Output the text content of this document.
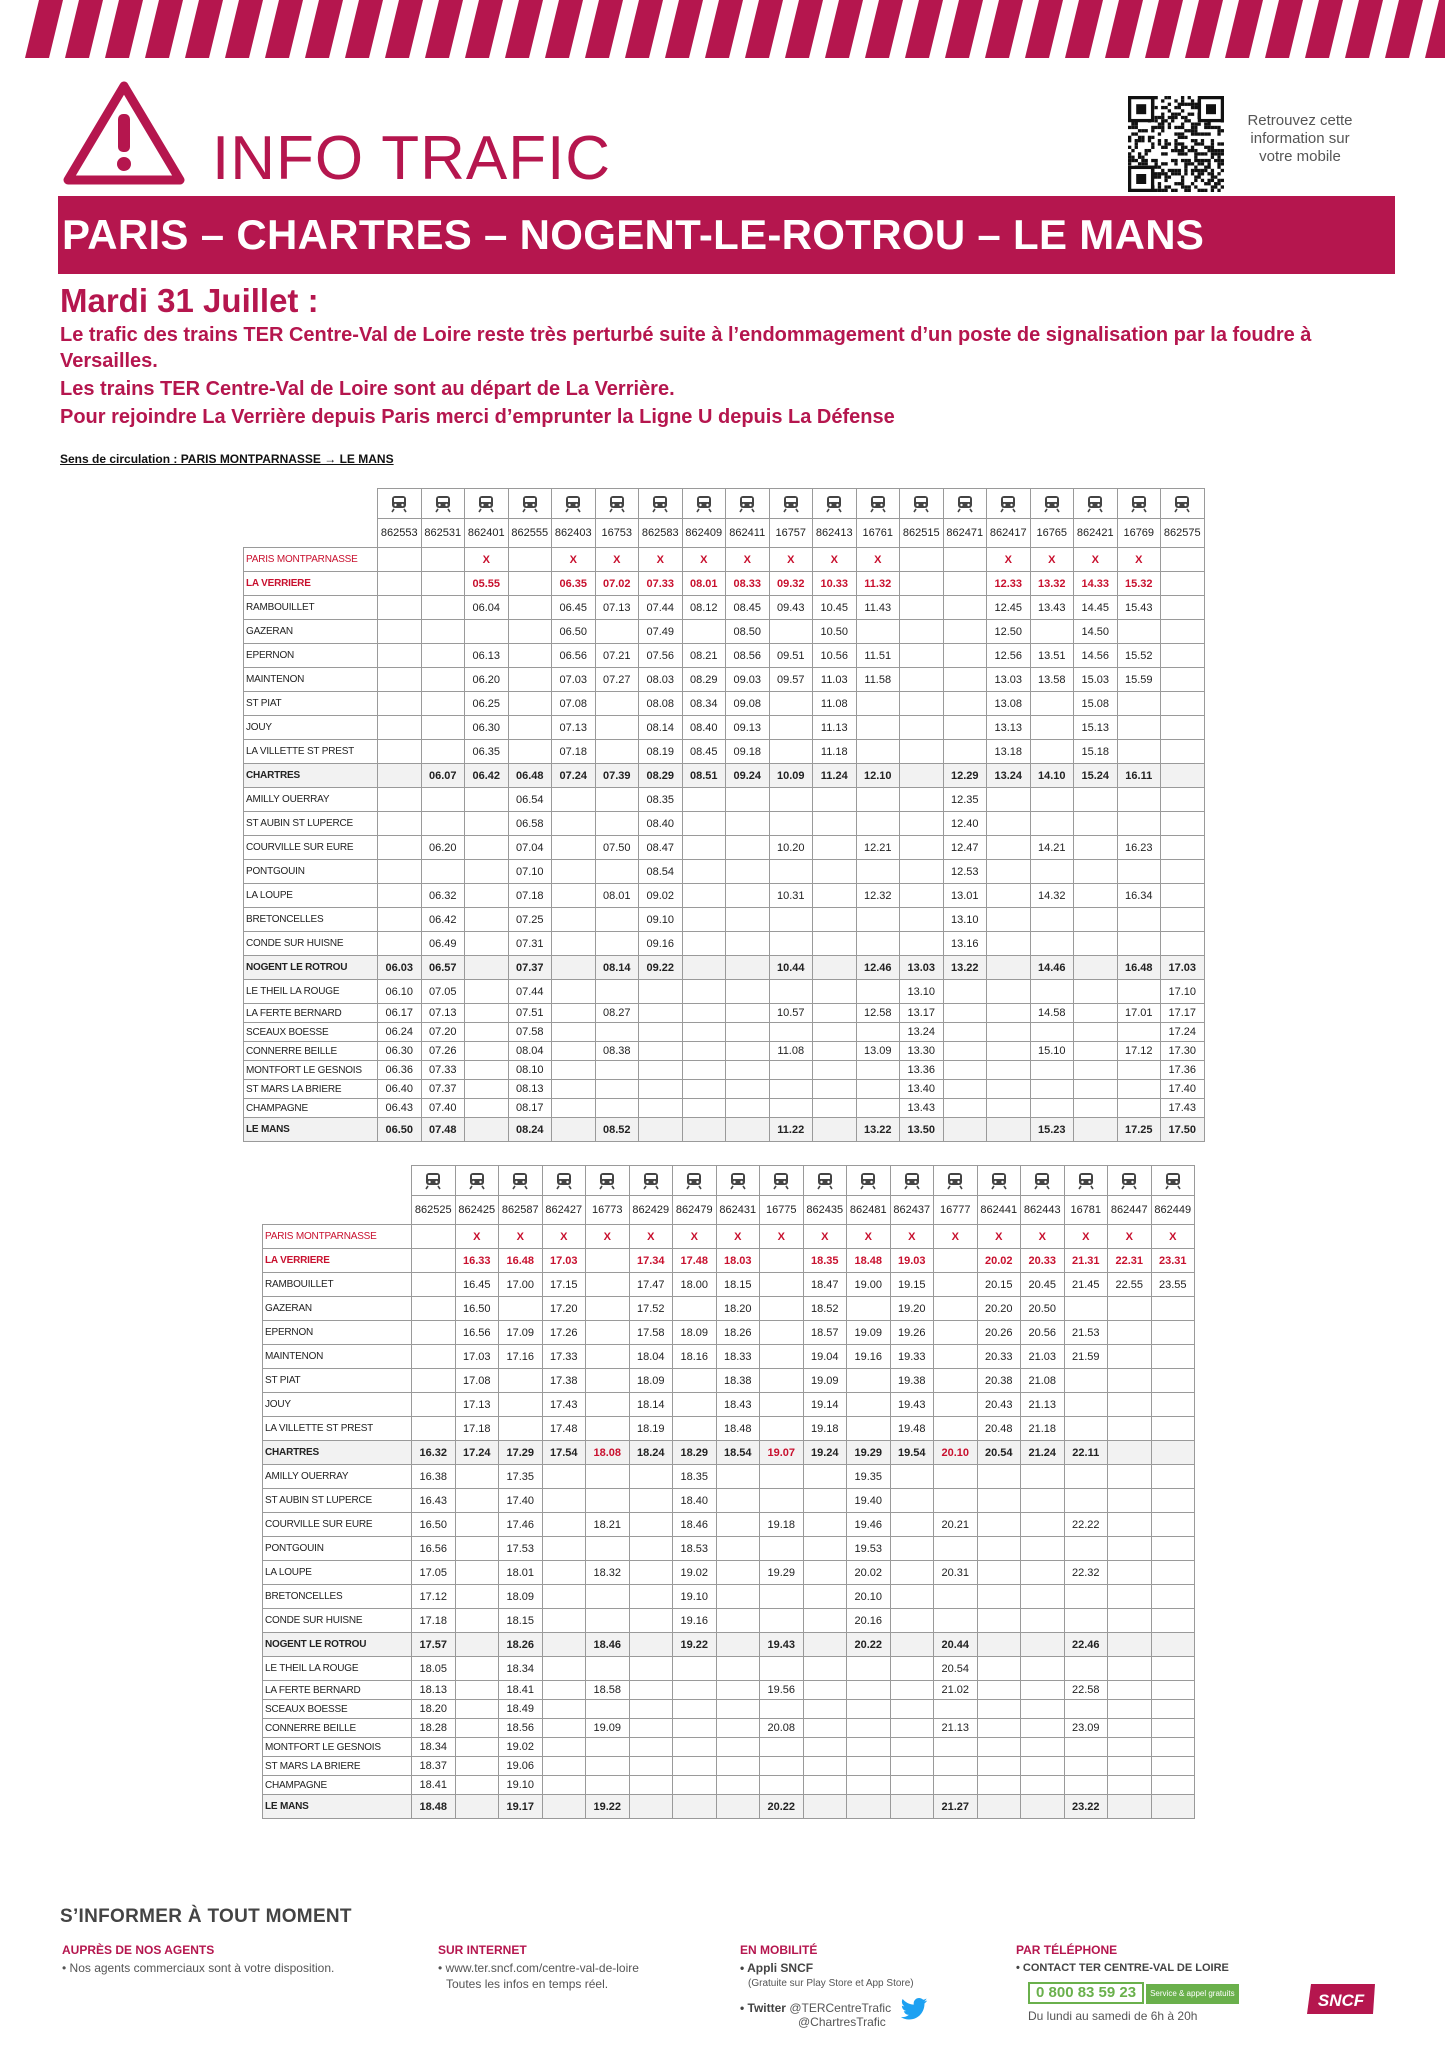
INFO TRAFIC
Retrouvez cette information sur votre mobile
PARIS – CHARTRES – NOGENT-LE-ROTROU – LE MANS
Mardi 31 Juillet :
Le trafic des trains TER Centre-Val de Loire reste très perturbé suite à l’endommagement d’un poste de signalisation par la foudre à Versailles.
Les trains TER Centre-Val de Loire sont au départ de La Verrière.
Pour rejoindre La Verrière depuis Paris merci d’emprunter la Ligne U depuis La Défense
Sens de circulation : PARIS MONTPARNASSE → LE MANS

	862553	862531	862401	862555	862403	16753	862583	862409	862411	16757	862413	16761	862515	862471	862417	16765	862421	16769	862575
PARIS MONTPARNASSE			X		X	X	X	X	X	X	X	X			X	X	X	X	
LA VERRIERE			05.55		06.35	07.02	07.33	08.01	08.33	09.32	10.33	11.32			12.33	13.32	14.33	15.32	
RAMBOUILLET			06.04		06.45	07.13	07.44	08.12	08.45	09.43	10.45	11.43			12.45	13.43	14.45	15.43	
GAZERAN					06.50		07.49		08.50		10.50				12.50		14.50		
EPERNON			06.13		06.56	07.21	07.56	08.21	08.56	09.51	10.56	11.51			12.56	13.51	14.56	15.52	
MAINTENON			06.20		07.03	07.27	08.03	08.29	09.03	09.57	11.03	11.58			13.03	13.58	15.03	15.59	
ST PIAT			06.25		07.08		08.08	08.34	09.08		11.08				13.08		15.08		
JOUY			06.30		07.13		08.14	08.40	09.13		11.13				13.13		15.13		
LA VILLETTE ST PREST			06.35		07.18		08.19	08.45	09.18		11.18				13.18		15.18		
CHARTRES		06.07	06.42	06.48	07.24	07.39	08.29	08.51	09.24	10.09	11.24	12.10		12.29	13.24	14.10	15.24	16.11	
AMILLY OUERRAY				06.54			08.35							12.35					
ST AUBIN ST LUPERCE				06.58			08.40							12.40					
COURVILLE SUR EURE		06.20		07.04		07.50	08.47			10.20		12.21		12.47		14.21		16.23	
PONTGOUIN				07.10			08.54							12.53					
LA LOUPE		06.32		07.18		08.01	09.02			10.31		12.32		13.01		14.32		16.34	
BRETONCELLES		06.42		07.25			09.10							13.10					
CONDE SUR HUISNE		06.49		07.31			09.16							13.16					
NOGENT LE ROTROU	06.03	06.57		07.37		08.14	09.22			10.44		12.46	13.03	13.22		14.46		16.48	17.03
LE THEIL LA ROUGE	06.10	07.05		07.44									13.10						17.10
LA FERTE BERNARD	06.17	07.13		07.51		08.27				10.57		12.58	13.17			14.58		17.01	17.17
SCEAUX BOESSE	06.24	07.20		07.58									13.24						17.24
CONNERRE BEILLE	06.30	07.26		08.04		08.38				11.08		13.09	13.30			15.10		17.12	17.30
MONTFORT LE GESNOIS	06.36	07.33		08.10									13.36						17.36
ST MARS LA BRIERE	06.40	07.37		08.13									13.40						17.40
CHAMPAGNE	06.43	07.40		08.17									13.43						17.43
LE MANS	06.50	07.48		08.24		08.52				11.22		13.22	13.50			15.23		17.25	17.50

	862525	862425	862587	862427	16773	862429	862479	862431	16775	862435	862481	862437	16777	862441	862443	16781	862447	862449
PARIS MONTPARNASSE		X	X	X	X	X	X	X	X	X	X	X	X	X	X	X	X	X
LA VERRIERE		16.33	16.48	17.03		17.34	17.48	18.03		18.35	18.48	19.03		20.02	20.33	21.31	22.31	23.31
RAMBOUILLET		16.45	17.00	17.15		17.47	18.00	18.15		18.47	19.00	19.15		20.15	20.45	21.45	22.55	23.55
GAZERAN		16.50		17.20		17.52		18.20		18.52		19.20		20.20	20.50			
EPERNON		16.56	17.09	17.26		17.58	18.09	18.26		18.57	19.09	19.26		20.26	20.56	21.53		
MAINTENON		17.03	17.16	17.33		18.04	18.16	18.33		19.04	19.16	19.33		20.33	21.03	21.59		
ST PIAT		17.08		17.38		18.09		18.38		19.09		19.38		20.38	21.08			
JOUY		17.13		17.43		18.14		18.43		19.14		19.43		20.43	21.13			
LA VILLETTE ST PREST		17.18		17.48		18.19		18.48		19.18		19.48		20.48	21.18			
CHARTRES	16.32	17.24	17.29	17.54	18.08	18.24	18.29	18.54	19.07	19.24	19.29	19.54	20.10	20.54	21.24	22.11		
AMILLY OUERRAY	16.38		17.35				18.35				19.35							
ST AUBIN ST LUPERCE	16.43		17.40				18.40				19.40							
COURVILLE SUR EURE	16.50		17.46		18.21		18.46		19.18		19.46		20.21			22.22		
PONTGOUIN	16.56		17.53				18.53				19.53							
LA LOUPE	17.05		18.01		18.32		19.02		19.29		20.02		20.31			22.32		
BRETONCELLES	17.12		18.09				19.10				20.10							
CONDE SUR HUISNE	17.18		18.15				19.16				20.16							
NOGENT LE ROTROU	17.57		18.26		18.46		19.22		19.43		20.22		20.44			22.46		
LE THEIL LA ROUGE	18.05		18.34										20.54					
LA FERTE BERNARD	18.13		18.41		18.58				19.56				21.02			22.58		
SCEAUX BOESSE	18.20		18.49															
CONNERRE BEILLE	18.28		18.56		19.09				20.08				21.13			23.09		
MONTFORT LE GESNOIS	18.34		19.02															
ST MARS LA BRIERE	18.37		19.06															
CHAMPAGNE	18.41		19.10															
LE MANS	18.48		19.17		19.22				20.22				21.27			23.22		
S’INFORMER À TOUT MOMENT
AUPRÈS DE NOS AGENTS
• Nos agents commerciaux sont à votre disposition.
SUR INTERNET
• www.ter.sncf.com/centre-val-de-loire
Toutes les infos en temps réel.
EN MOBILITÉ
• Appli SNCF
(Gratuite sur Play Store et App Store)
• Twitter @TERCentreTrafic
@ChartresTrafic
PAR TÉLÉPHONE
• CONTACT TER CENTRE-VAL DE LOIRE
0 800 83 59 23 Service & appel gratuits
Du lundi au samedi de 6h à 20h
SNCF
